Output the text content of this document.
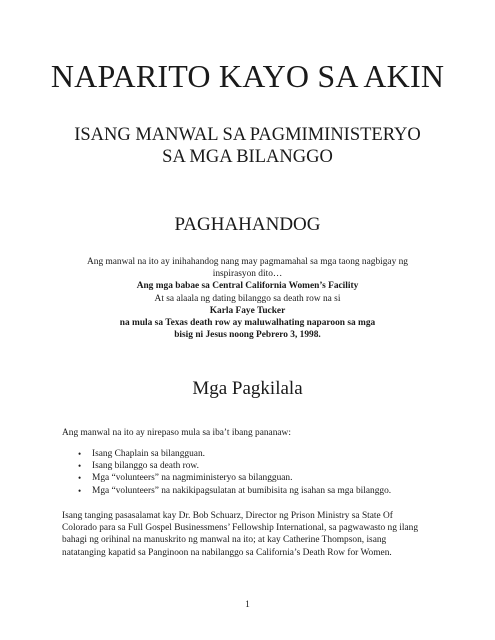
NAPARITO KAYO SA AKIN
ISANG MANWAL SA PAGMIMINISTERYO
SA MGA BILANGGO
PAGHAHANDOG
Ang manwal na ito ay inihahandog nang may pagmamahal sa mga taong nagbigay ng
inspirasyon dito…
Ang mga babae sa Central California Women’s Facility
At sa alaala ng dating bilanggo sa death row na si
Karla Faye Tucker
na mula sa Texas death row ay maluwalhating naparoon sa mga
bisig ni Jesus noong Pebrero 3, 1998.
Mga Pagkilala
Ang manwal na ito ay nirepaso mula sa iba’t ibang pananaw:
• Isang Chaplain sa bilangguan.
• Isang bilanggo sa death row.
• Mga “volunteers” na nagmiministeryo sa bilangguan.
• Mga “volunteers” na nakikipagsulatan at bumibisita ng isahan sa mga bilanggo.
Isang tanging pasasalamat kay Dr. Bob Schuarz, Director ng Prison Ministry sa State Of
Colorado para sa Full Gospel Businessmens’ Fellowship International, sa pagwawasto ng ilang
bahagi ng orihinal na manuskrito ng manwal na ito; at kay Catherine Thompson, isang
natatanging kapatid sa Panginoon na nabilanggo sa California’s Death Row for Women.
1
